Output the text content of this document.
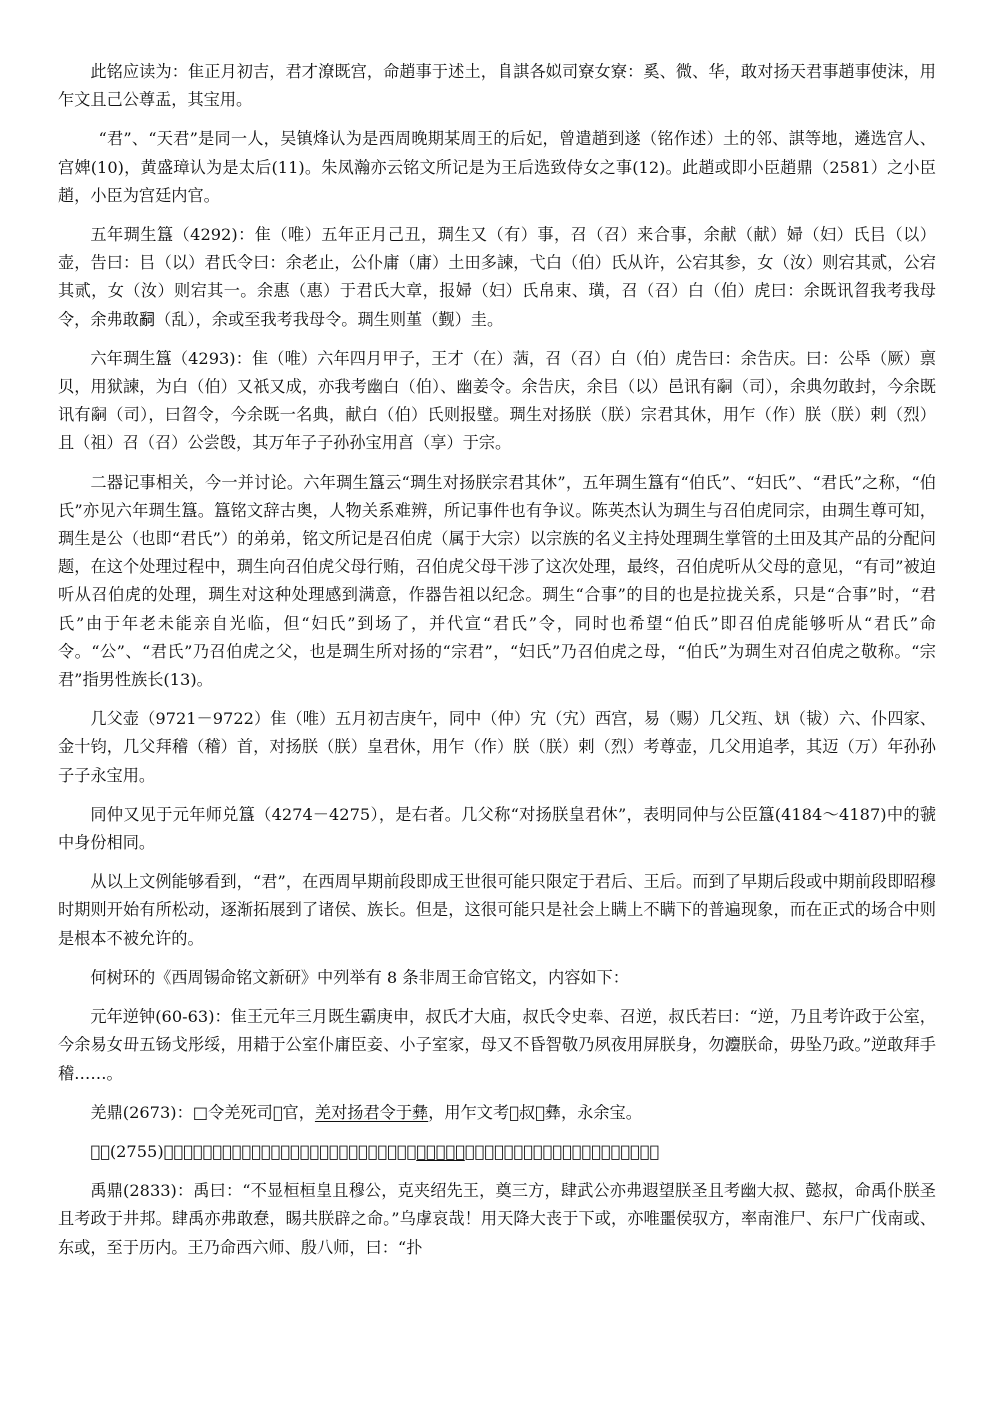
此铭应读为：隹正月初吉，君才潦既宫，命趙事于述土，𨸏諆各姒司寮女寮：奚、微、华，敢对扬天君事趙事使沫，用乍文且己公尊盂，其宝用。

“君”、“天君”是同一人，吴镇烽认为是西周晚期某周王的后妃，曾遣趙到遂（铭作述）土的邻、諆等地，遴选宫人、宫婢(10)，黄盛璋认为是太后(11)。朱凤瀚亦云铭文所记是为王后选致侍女之事(12)。此趙或即小臣趙鼎（2581）之小臣趙，小臣为宫廷内官。

五年琱生簋（4292)：隹（唯）五年正月己丑，琱生又（有）事，召（召）来合事，余献（献）婦（妇）氏㠯（以）壶，告曰：㠯（以）君氏令曰：余老止，公仆庸（庸）土田多諫，弋白（伯）氏从许，公宕其参，女（汝）则宕其贰，公宕其贰，女（汝）则宕其一。余惠（惠）于君氏大章，报婦（妇）氏帛束、璜，召（召）白（伯）虎曰：余既讯㫚我考我母令，余弗敢𤔲（乱），余或至我考我母令。琱生则堇（觐）圭。

六年琱生簋（4293)：隹（唯）六年四月甲子，王才（在）𦵩，召（召）白（伯）虎告曰：余告庆。曰：公氒（厥）禀贝，用狱諫，为白（伯）又祇又成，亦我考幽白（伯）、幽姜令。余告庆，余㠯（以）邑讯有𤔲（司），余典勿敢封，今余既讯有𤔲（司），曰㫚令，今余既一名典，献白（伯）氏则报璧。琱生对扬朕（朕）宗君其休，用乍（作）朕（朕）剌（烈）且（祖）召（召）公尝𣪘，其万年子子孙孙宝用亯（享）于宗。

二器记事相关，今一并讨论。六年琱生簋云“琱生对扬朕宗君其休”，五年琱生簋有“伯氏”、“妇氏”、“君氏”之称，“伯氏”亦见六年琱生簋。簋铭文辞古奥，人物关系难辨，所记事件也有争议。陈英杰认为琱生与召伯虎同宗，由琱生尊可知，琱生是公（也即“君氏”）的弟弟，铭文所记是召伯虎（属于大宗）以宗族的名义主持处理琱生掌管的土田及其产品的分配问题，在这个处理过程中，琱生向召伯虎父母行贿，召伯虎父母干涉了这次处理，最终，召伯虎听从父母的意见，“有司”被迫听从召伯虎的处理，琱生对这种处理感到满意，作器告祖以纪念。琱生“合事”的目的也是拉拢关系，只是“合事”时，“君氏”由于年老未能亲自光临，但“妇氏”到场了，并代宣“君氏”令，同时也希望“伯氏”即召伯虎能够听从“君氏”命令。“公”、“君氏”乃召伯虎之父，也是琱生所对扬的“宗君”，“妇氏”乃召伯虎之母，“伯氏”为琱生对召伯虎之敬称。“宗君”指男性族长(13)。

几父壶（9721－9722）隹（唯）五月初吉庚午，同中（仲）宄（宄）西宫，易（赐）几父𦍞、𢦚（韨）六、仆四家、金十钧，几父拜稽（稽）首，对扬朕（朕）皇君休，用乍（作）朕（朕）剌（烈）考尊壶，几父用追孝，其迈（万）年孙孙子子永宝用。

同仲又见于元年师兑簋（4274－4275），是右者。几父称“对扬朕皇君休”，表明同仲与公臣簋(4184～4187)中的虢中身份相同。

从以上文例能够看到，“君”，在西周早期前段即成王世很可能只限定于君后、王后。而到了早期后段或中期前段即昭穆时期则开始有所松动，逐渐拓展到了诸侯、族长。但是，这很可能只是社会上瞒上不瞒下的普遍现象，而在正式的场合中则是根本不被允许的。

何树环的《西周锡命铭文新研》中列举有 8 条非周王命官铭文，内容如下：

元年逆钟(60-63)：隹王元年三月既生霸庚申，叔氏才大庙，叔氏令史𠦪、召逆，叔氏若曰：“逆，乃且考许政于公室，今余易女毌五钖戈彤绥，用耤于公室仆庸臣妾、小子室家，母又不昏智敬乃夙夜用屏朕身，勿灋朕命，毋坠乃政。”逆敢拜手稽……。

羌鼎(2673)：□令羌死司𩍐官，羌对扬君令于彝，用乍文考𡨦叔𩰫彝，永余宝。

𥨊鼎(2755)：隹王九月既望乙子（巳），遣中令𥨊𦔻司奠田，拜稽首，对扬遣中休，用乍朕文考厘叔尊鼎，其子子孙孙其永宝。

禹鼎(2833)：禹曰：“不显桓桓皇且穆公，克夹绍先王，奠三方，肆武公亦弗遐望朕圣且考幽大叔、懿叔，命禹仆朕圣且考政于井邦。肆禹亦弗敢惷，睗共朕辟之命。”乌虖哀哉！用天降大丧于下或，亦唯噩侯驭方，率南淮尸、东尸广伐南或、东或，至于历内。王乃命西六师、殷八师，曰：“扑
